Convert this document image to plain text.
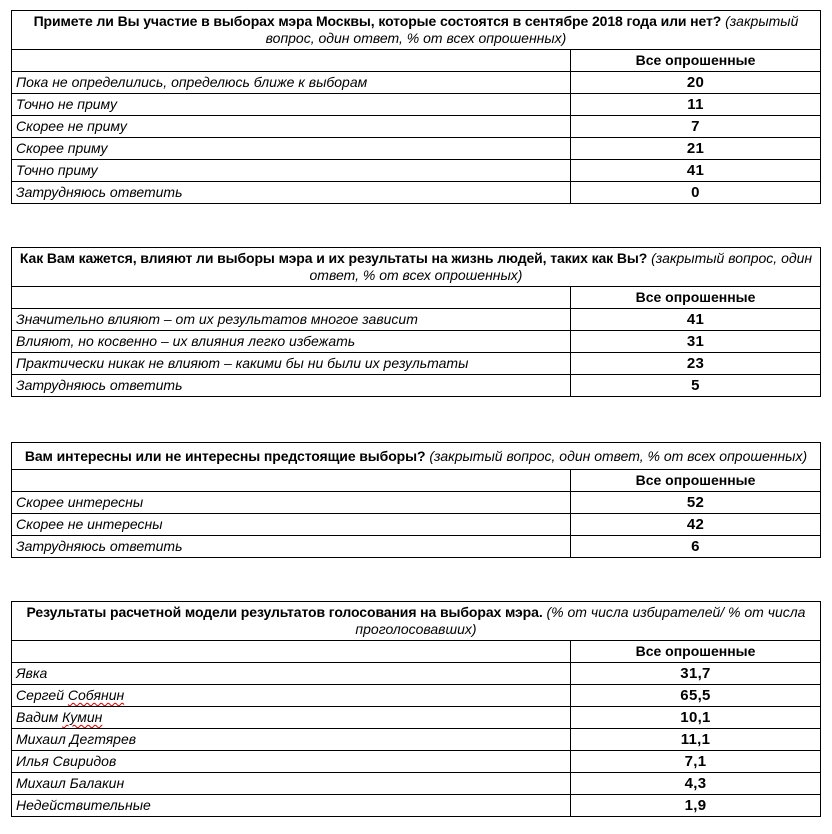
Примете ли Вы участие в выборах мэра Москвы, которые состоятся в сентябре 2018 года или нет? (закрытый вопрос, один ответ, % от всех опрошенных)	
	Все опрошенные
Пока не определились, определюсь ближе к выборам	20
Точно не приму	11
Скорее не приму	7
Скорее приму	21
Точно приму	41
Затрудняюсь ответить	0
Как Вам кажется, влияют ли выборы мэра и их результаты на жизнь людей, таких как Вы? (закрытый вопрос, один ответ, % от всех опрошенных)	
	Все опрошенные
Значительно влияют – от их результатов многое зависит	41
Влияют, но косвенно – их влияния легко избежать	31
Практически никак не влияют – какими бы ни были их результаты	23
Затрудняюсь ответить	5
Вам интересны или не интересны предстоящие выборы? (закрытый вопрос, один ответ, % от всех опрошенных)	
	Все опрошенные
Скорее интересны	52
Скорее не интересны	42
Затрудняюсь ответить	6
Результаты расчетной модели результатов голосования на выборах мэра. (% от числа избирателей/ % от числа проголосовавших)	
	Все опрошенные
Явка	31,7
Сергей Собянин	65,5
Вадим Кумин	10,1
Михаил Дегтярев	11,1
Илья Свиридов	7,1
Михаил Балакин	4,3
Недействительные	1,9
